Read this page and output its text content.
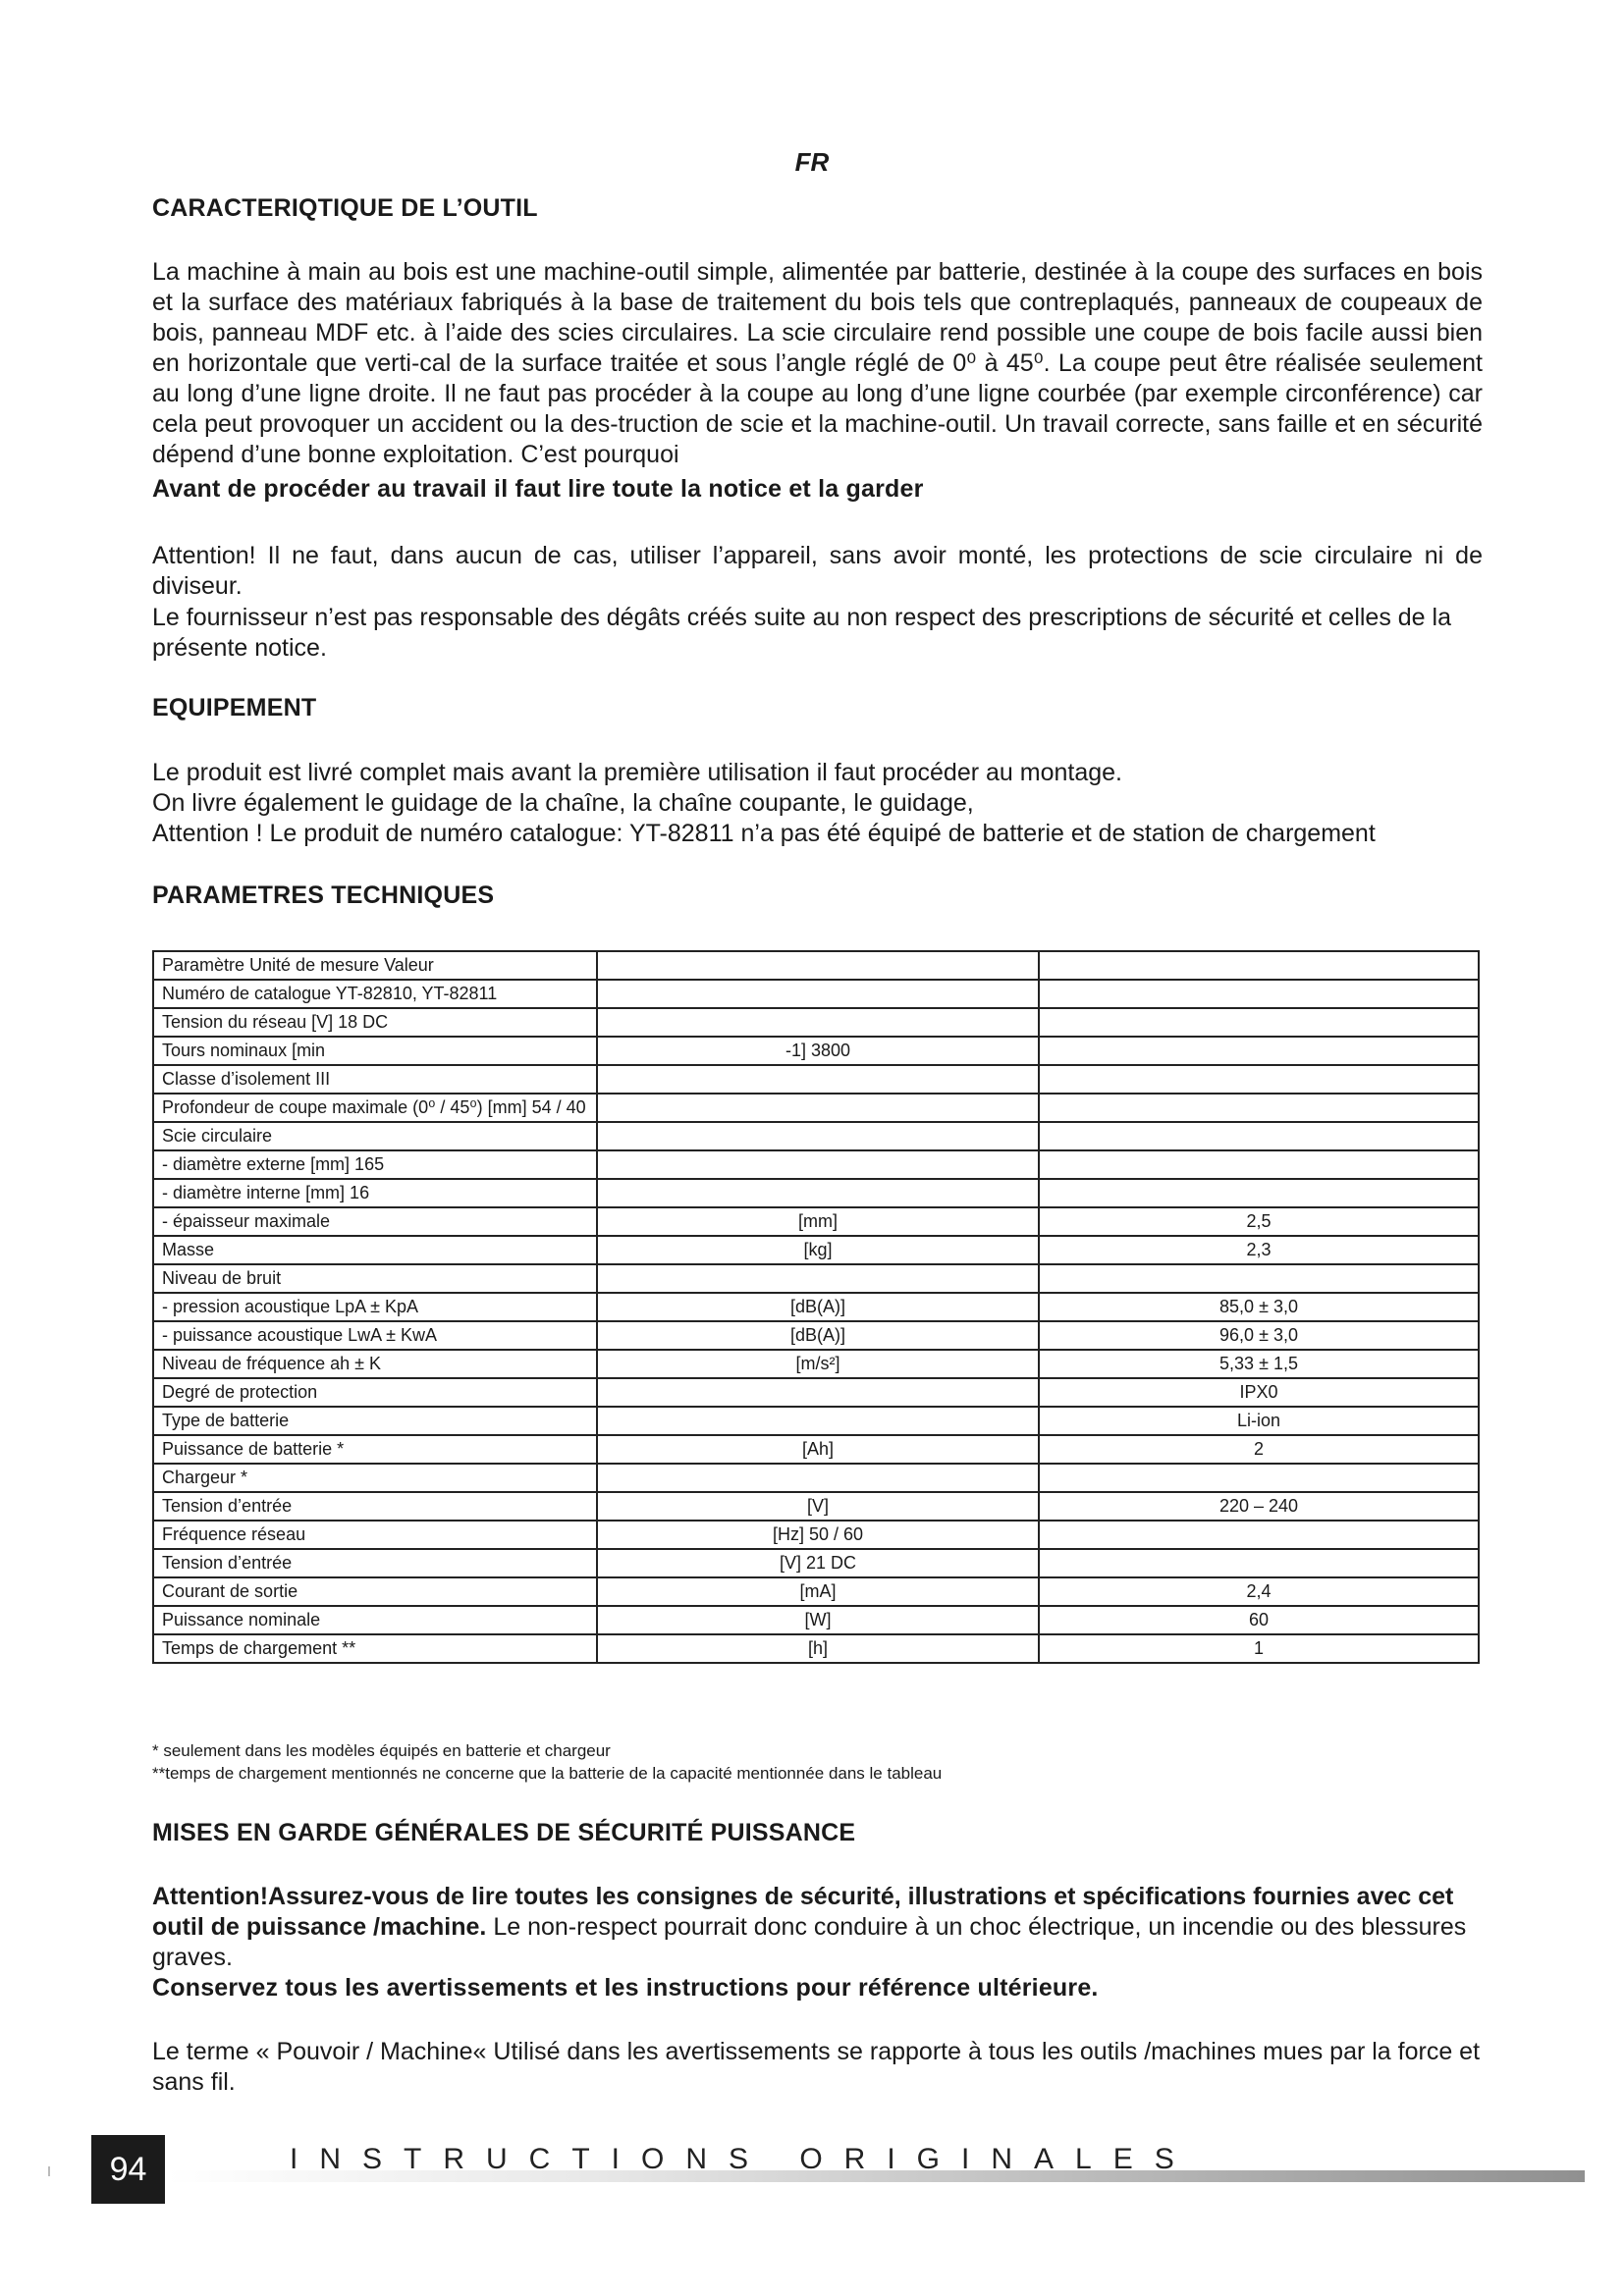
FR
CARACTERIQTIQUE DE L’OUTIL
La machine à main au bois est une machine-outil simple, alimentée par batterie, destinée à la coupe des surfaces en bois et la surface des matériaux fabriqués à la base de traitement du bois tels que contreplaqués, panneaux de coupeaux de bois, panneau MDF etc. à l’aide des scies circulaires. La scie circulaire rend possible une coupe de bois facile aussi bien en horizontale que verti-cal de la surface traitée et sous l’angle réglé de 0⁰ à 45⁰. La coupe peut être réalisée seulement au long d’une ligne droite. Il ne faut pas procéder à la coupe au long d’une ligne courbée (par exemple circonférence) car cela peut provoquer un accident ou la des-truction de scie et la machine-outil. Un travail correcte, sans faille et en sécurité dépend d’une bonne exploitation. C’est pourquoi
Avant de procéder au travail il faut lire toute la notice et la garder
Attention! Il ne faut, dans aucun de cas, utiliser l’appareil, sans avoir monté, les protections de scie circulaire ni de diviseur.
Le fournisseur n’est pas responsable des dégâts créés suite au non respect des prescriptions de sécurité et celles de la présente notice.
EQUIPEMENT
Le produit est livré complet mais avant la première utilisation il faut procéder au montage.
On livre également le guidage de la chaîne, la chaîne coupante, le guidage,
Attention ! Le produit de numéro catalogue: YT-82811 n’a pas été équipé de batterie et de station de chargement
PARAMETRES TECHNIQUES
Paramètre Unité de mesure Valeur		
Numéro de catalogue YT-82810, YT-82811		
Tension du réseau [V] 18 DC		
Tours nominaux [min	-1] 3800	
Classe d’isolement III		
Profondeur de coupe maximale (0⁰ / 45⁰) [mm] 54 / 40		
Scie circulaire		
- diamètre externe [mm] 165		
- diamètre interne [mm] 16		
- épaisseur maximale	[mm]	2,5
Masse	[kg]	2,3
Niveau de bruit		
- pression acoustique LpA ± KpA	[dB(A)]	85,0 ± 3,0
- puissance acoustique LwA ± KwA	[dB(A)]	96,0 ± 3,0
Niveau de fréquence ah ± K	[m/s²]	5,33 ± 1,5
Degré de protection		IPX0
Type de batterie		Li-ion
Puissance de batterie *	[Ah]	2
Chargeur *		
Tension d’entrée	[V]	220 – 240
Fréquence réseau	[Hz] 50 / 60	
Tension d’entrée	[V] 21 DC	
Courant de sortie	[mA]	2,4
Puissance nominale	[W]	60
Temps de chargement **	[h]	1
* seulement dans les modèles équipés en batterie et chargeur
**temps de chargement mentionnés ne concerne que la batterie de la capacité mentionnée dans le tableau
MISES EN GARDE GÉNÉRALES DE SÉCURITÉ PUISSANCE
Attention!Assurez-vous de lire toutes les consignes de sécurité, illustrations et spécifications fournies avec cet outil de puissance /machine. Le non-respect pourrait donc conduire à un choc électrique, un incendie ou des blessures graves.
Conservez tous les avertissements et les instructions pour référence ultérieure.
Le terme « Pouvoir / Machine« Utilisé dans les avertissements se rapporte à tous les outils /machines mues par la force et sans fil.
94	INSTRUCTIONS ORIGINALES
